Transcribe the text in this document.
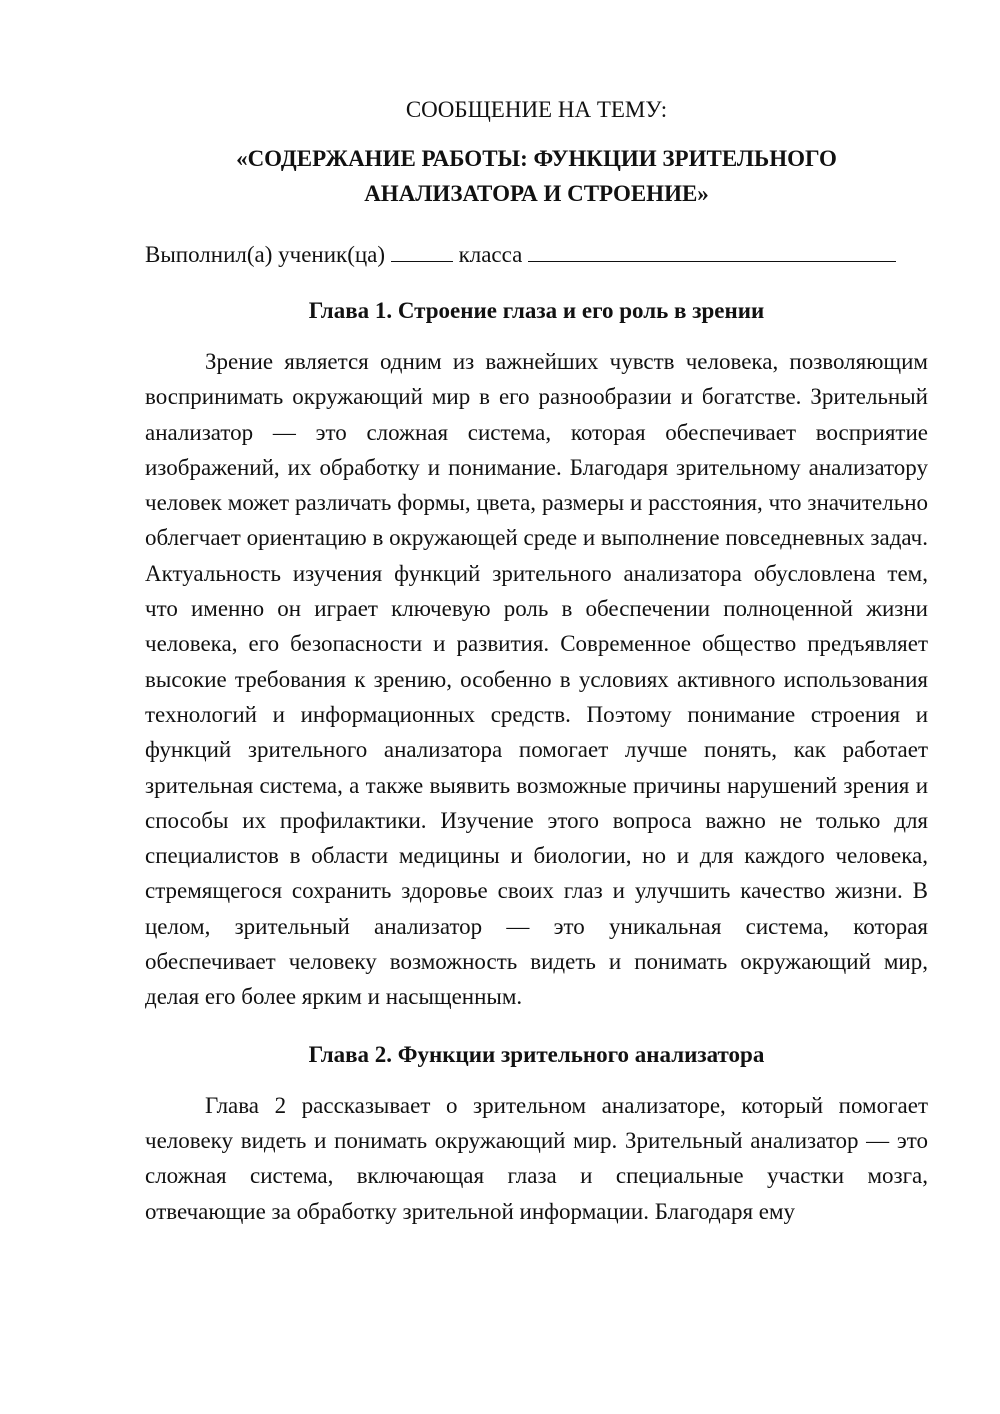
СООБЩЕНИЕ НА ТЕМУ:

«СОДЕРЖАНИЕ РАБОТЫ: ФУНКЦИИ ЗРИТЕЛЬНОГО

АНАЛИЗАТОРА И СТРОЕНИЕ»

Выполнил(а) ученик(ца)	класса

Глава 1. Строение глаза и его роль в зрении

Зрение является одним из важнейших чувств человека, позволяющим воспринимать окружающий мир в его разнообразии и богатстве. Зрительный анализатор — это сложная система, которая обеспечивает восприятие изображений, их обработку и понимание. Благодаря зрительному анализатору человек может различать формы, цвета, размеры и расстояния, что значительно облегчает ориентацию в окружающей среде и выполнение повседневных задач. Актуальность изучения функций зрительного анализатора обусловлена тем, что именно он играет ключевую роль в обеспечении полноценной жизни человека, его безопасности и развития. Современное общество предъявляет высокие требования к зрению, особенно в условиях активного использования технологий и информационных средств. Поэтому понимание строения и функций зрительного анализатора помогает лучше понять, как работает зрительная система, а также выявить возможные причины нарушений зрения и способы их профилактики. Изучение этого вопроса важно не только для специалистов в области медицины и биологии, но и для каждого человека, стремящегося сохранить здоровье своих глаз и улучшить качество жизни. В целом, зрительный анализатор — это уникальная система, которая обеспечивает человеку возможность видеть и понимать окружающий мир, делая его более ярким и насыщенным.

Глава 2. Функции зрительного анализатора

Глава 2 рассказывает о зрительном анализаторе, который помогает человеку видеть и понимать окружающий мир. Зрительный анализатор — это сложная система, включающая глаза и специальные участки мозга, отвечающие за обработку зрительной информации. Благодаря ему
